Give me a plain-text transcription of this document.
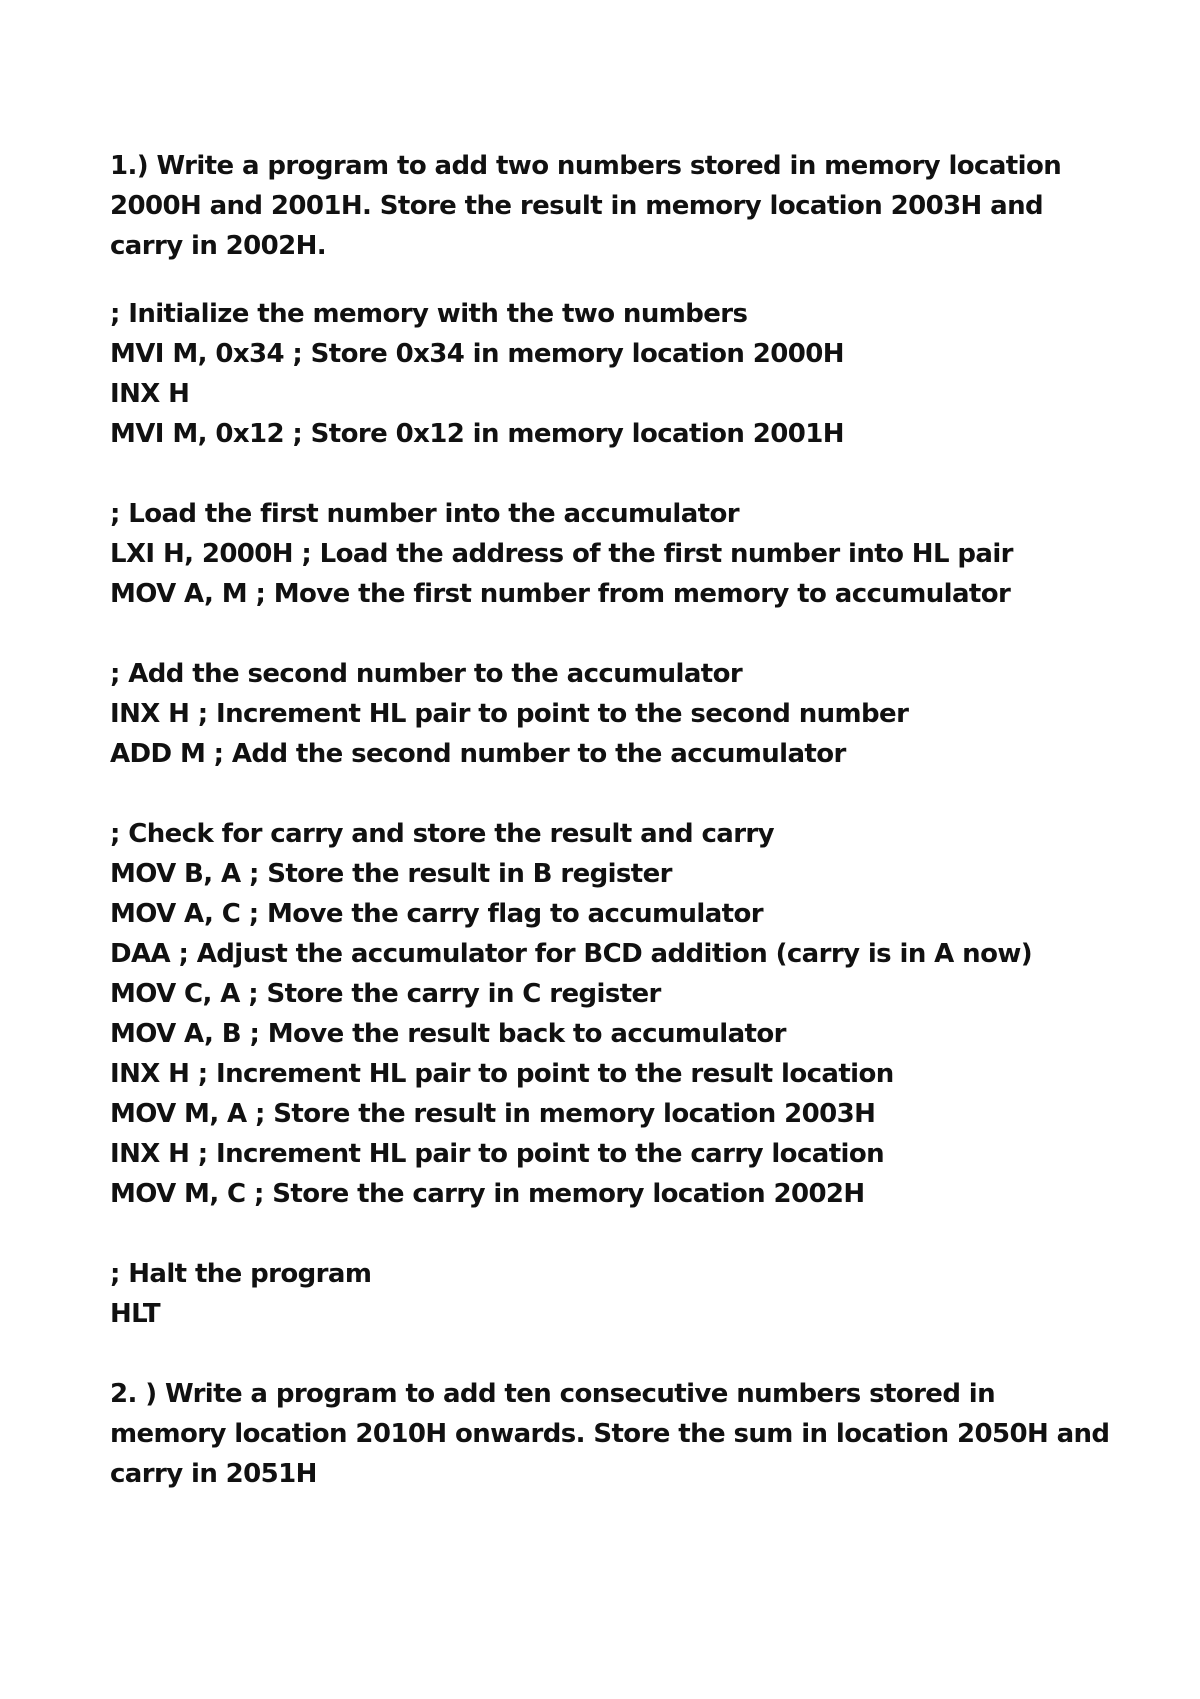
1.) Write a program to add two numbers stored in memory location 2000H and 2001H. Store the result in memory location 2003H and carry in 2002H.

; Initialize the memory with the two numbers
MVI M, 0x34 ; Store 0x34 in memory location 2000H
INX H
MVI M, 0x12 ; Store 0x12 in memory location 2001H
; Load the first number into the accumulator
LXI H, 2000H ; Load the address of the first number into HL pair
MOV A, M ; Move the first number from memory to accumulator
; Add the second number to the accumulator
INX H ; Increment HL pair to point to the second number
ADD M ; Add the second number to the accumulator
; Check for carry and store the result and carry
MOV B, A ; Store the result in B register
MOV A, C ; Move the carry flag to accumulator
DAA ; Adjust the accumulator for BCD addition (carry is in A now)
MOV C, A ; Store the carry in C register
MOV A, B ; Move the result back to accumulator
INX H ; Increment HL pair to point to the result location
MOV M, A ; Store the result in memory location 2003H
INX H ; Increment HL pair to point to the carry location
MOV M, C ; Store the carry in memory location 2002H
; Halt the program
HLT

2. ) Write a program to add ten consecutive numbers stored in memory location 2010H onwards. Store the sum in location 2050H and carry in 2051H
